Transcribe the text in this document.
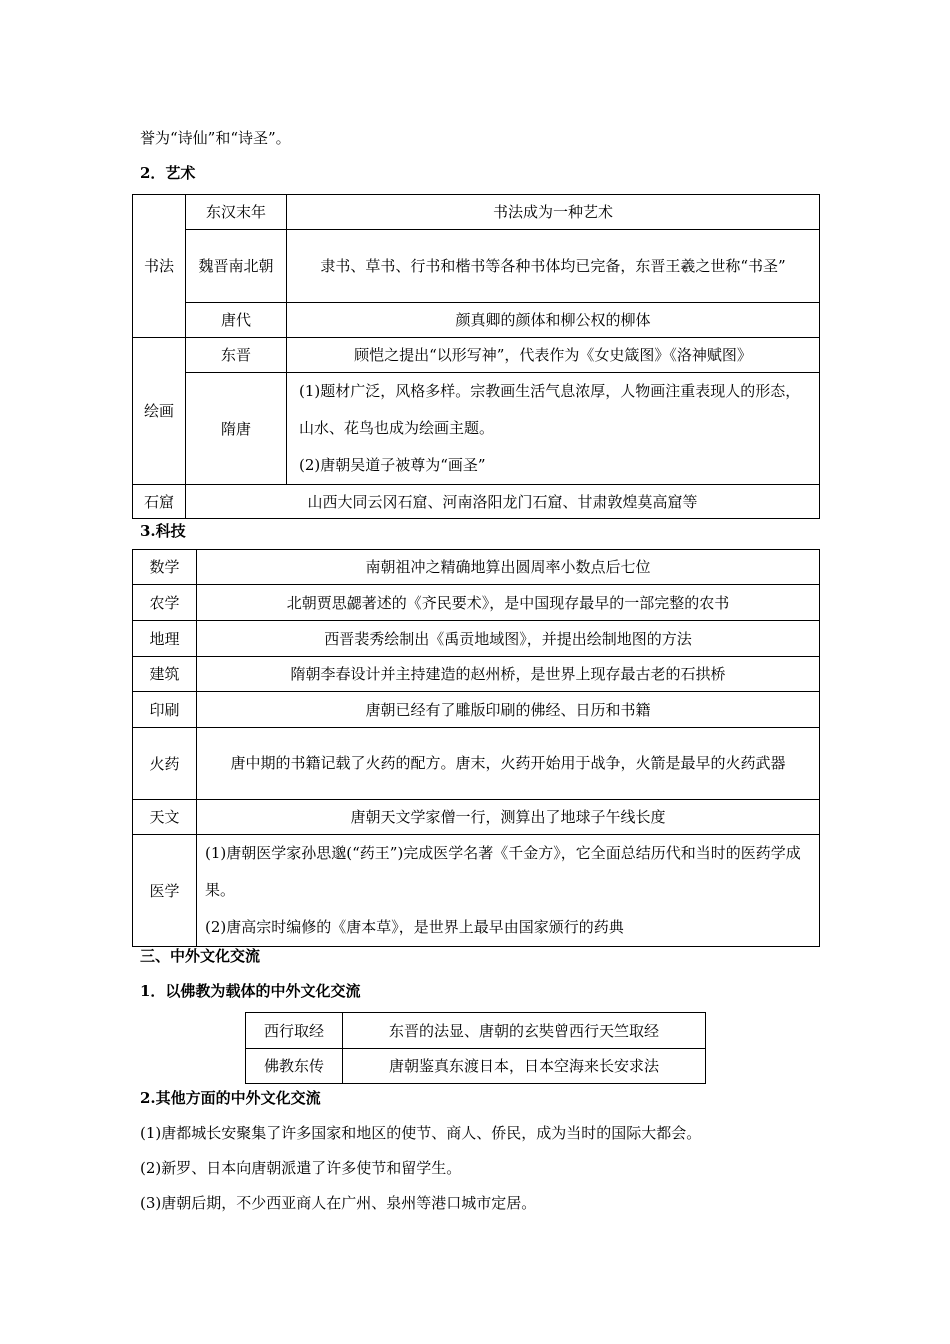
誉为“诗仙”和“诗圣”。
2．艺术
书法	东汉末年	书法成为一种艺术
	魏晋南北朝	隶书、草书、行书和楷书等各种书体均已完备，东晋王羲之世称“书圣”
	唐代	颜真卿的颜体和柳公权的柳体
绘画	东晋	顾恺之提出“以形写神”，代表作为《女史箴图》《洛神赋图》
	隋唐	(1)题材广泛，风格多样。宗教画生活气息浓厚，人物画注重表现人的形态，山水、花鸟也成为绘画主题。
(2)唐朝吴道子被尊为“画圣”

石窟	山西大同云冈石窟、河南洛阳龙门石窟、甘肃敦煌莫高窟等	
3.科技
数学	南朝祖冲之精确地算出圆周率小数点后七位
农学	北朝贾思勰著述的《齐民要术》，是中国现存最早的一部完整的农书
地理	西晋裴秀绘制出《禹贡地域图》，并提出绘制地图的方法
建筑	隋朝李春设计并主持建造的赵州桥，是世界上现存最古老的石拱桥
印刷	唐朝已经有了雕版印刷的佛经、日历和书籍
火药	唐中期的书籍记载了火药的配方。唐末，火药开始用于战争，火箭是最早的火药武器
天文	唐朝天文学家僧一行，测算出了地球子午线长度
医学	(1)唐朝医学家孙思邈(“药王”)完成医学名著《千金方》，它全面总结历代和当时的医药学成果。
(2)唐高宗时编修的《唐本草》，是世界上最早由国家颁行的药典
三、中外文化交流
1．以佛教为载体的中外文化交流
西行取经	东晋的法显、唐朝的玄奘曾西行天竺取经
佛教东传	唐朝鉴真东渡日本，日本空海来长安求法
2.其他方面的中外文化交流
(1)唐都城长安聚集了许多国家和地区的使节、商人、侨民，成为当时的国际大都会。
(2)新罗、日本向唐朝派遣了许多使节和留学生。
(3)唐朝后期，不少西亚商人在广州、泉州等港口城市定居。
